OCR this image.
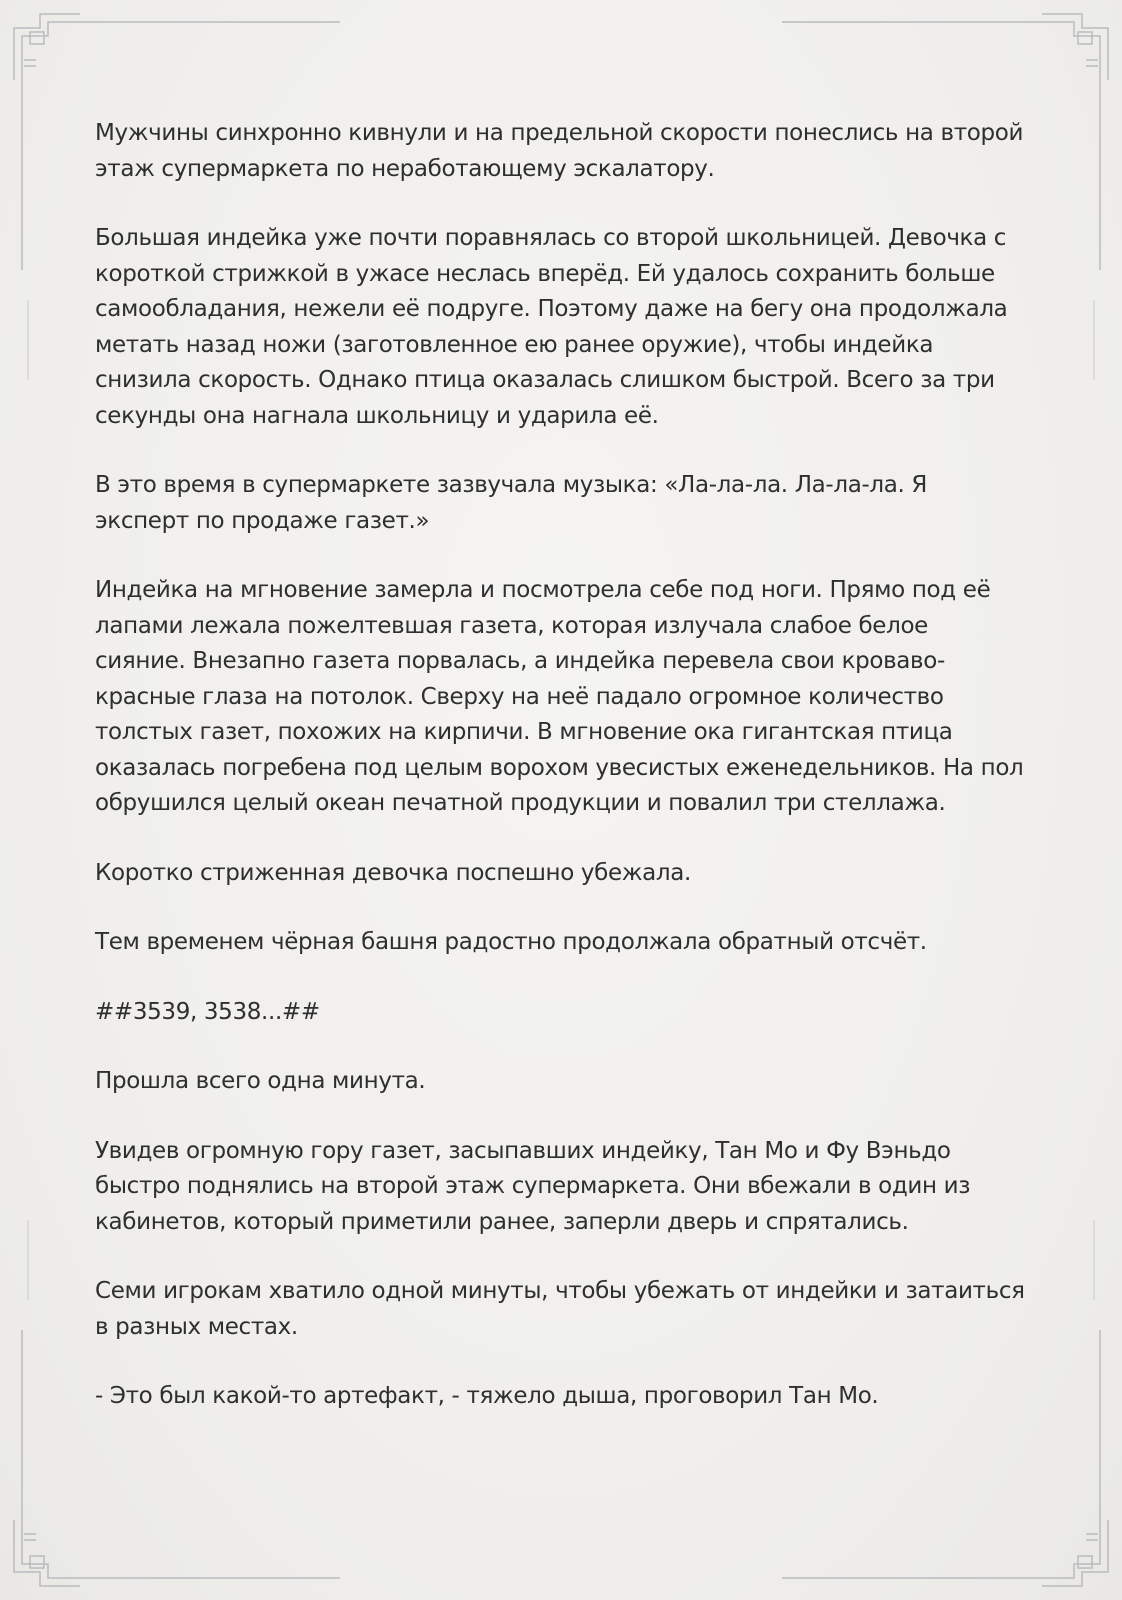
Мужчины синхронно кивнули и на предельной скорости понеслись на второй этаж супермаркета по неработающему эскалатору.

Большая индейка уже почти поравнялась со второй школьницей. Девочка с короткой стрижкой в ужасе неслась вперёд. Ей удалось сохранить больше самообладания, нежели её подруге. Поэтому даже на бегу она продолжала метать назад ножи (заготовленное ею ранее оружие), чтобы индейка снизила скорость. Однако птица оказалась слишком быстрой. Всего за три секунды она нагнала школьницу и ударила её.

В это время в супермаркете зазвучала музыка: «Ла-ла-ла. Ла-ла-ла. Я эксперт по продаже газет.»

Индейка на мгновение замерла и посмотрела себе под ноги. Прямо под её лапами лежала пожелтевшая газета, которая излучала слабое белое сияние. Внезапно газета порвалась, а индейка перевела свои кроваво-красные глаза на потолок. Сверху на неё падало огромное количество толстых газет, похожих на кирпичи. В мгновение ока гигантская птица оказалась погребена под целым ворохом увесистых еженедельников. На пол обрушился целый океан печатной продукции и повалил три стеллажа.

Коротко стриженная девочка поспешно убежала.

Тем временем чёрная башня радостно продолжала обратный отсчёт.

##3539, 3538...##

Прошла всего одна минута.

Увидев огромную гору газет, засыпавших индейку, Тан Мо и Фу Вэньдо быстро поднялись на второй этаж супермаркета. Они вбежали в один из кабинетов, который приметили ранее, заперли дверь и спрятались.

Семи игрокам хватило одной минуты, чтобы убежать от индейки и затаиться в разных местах.

- Это был какой-то артефакт, - тяжело дыша, проговорил Тан Мо.
